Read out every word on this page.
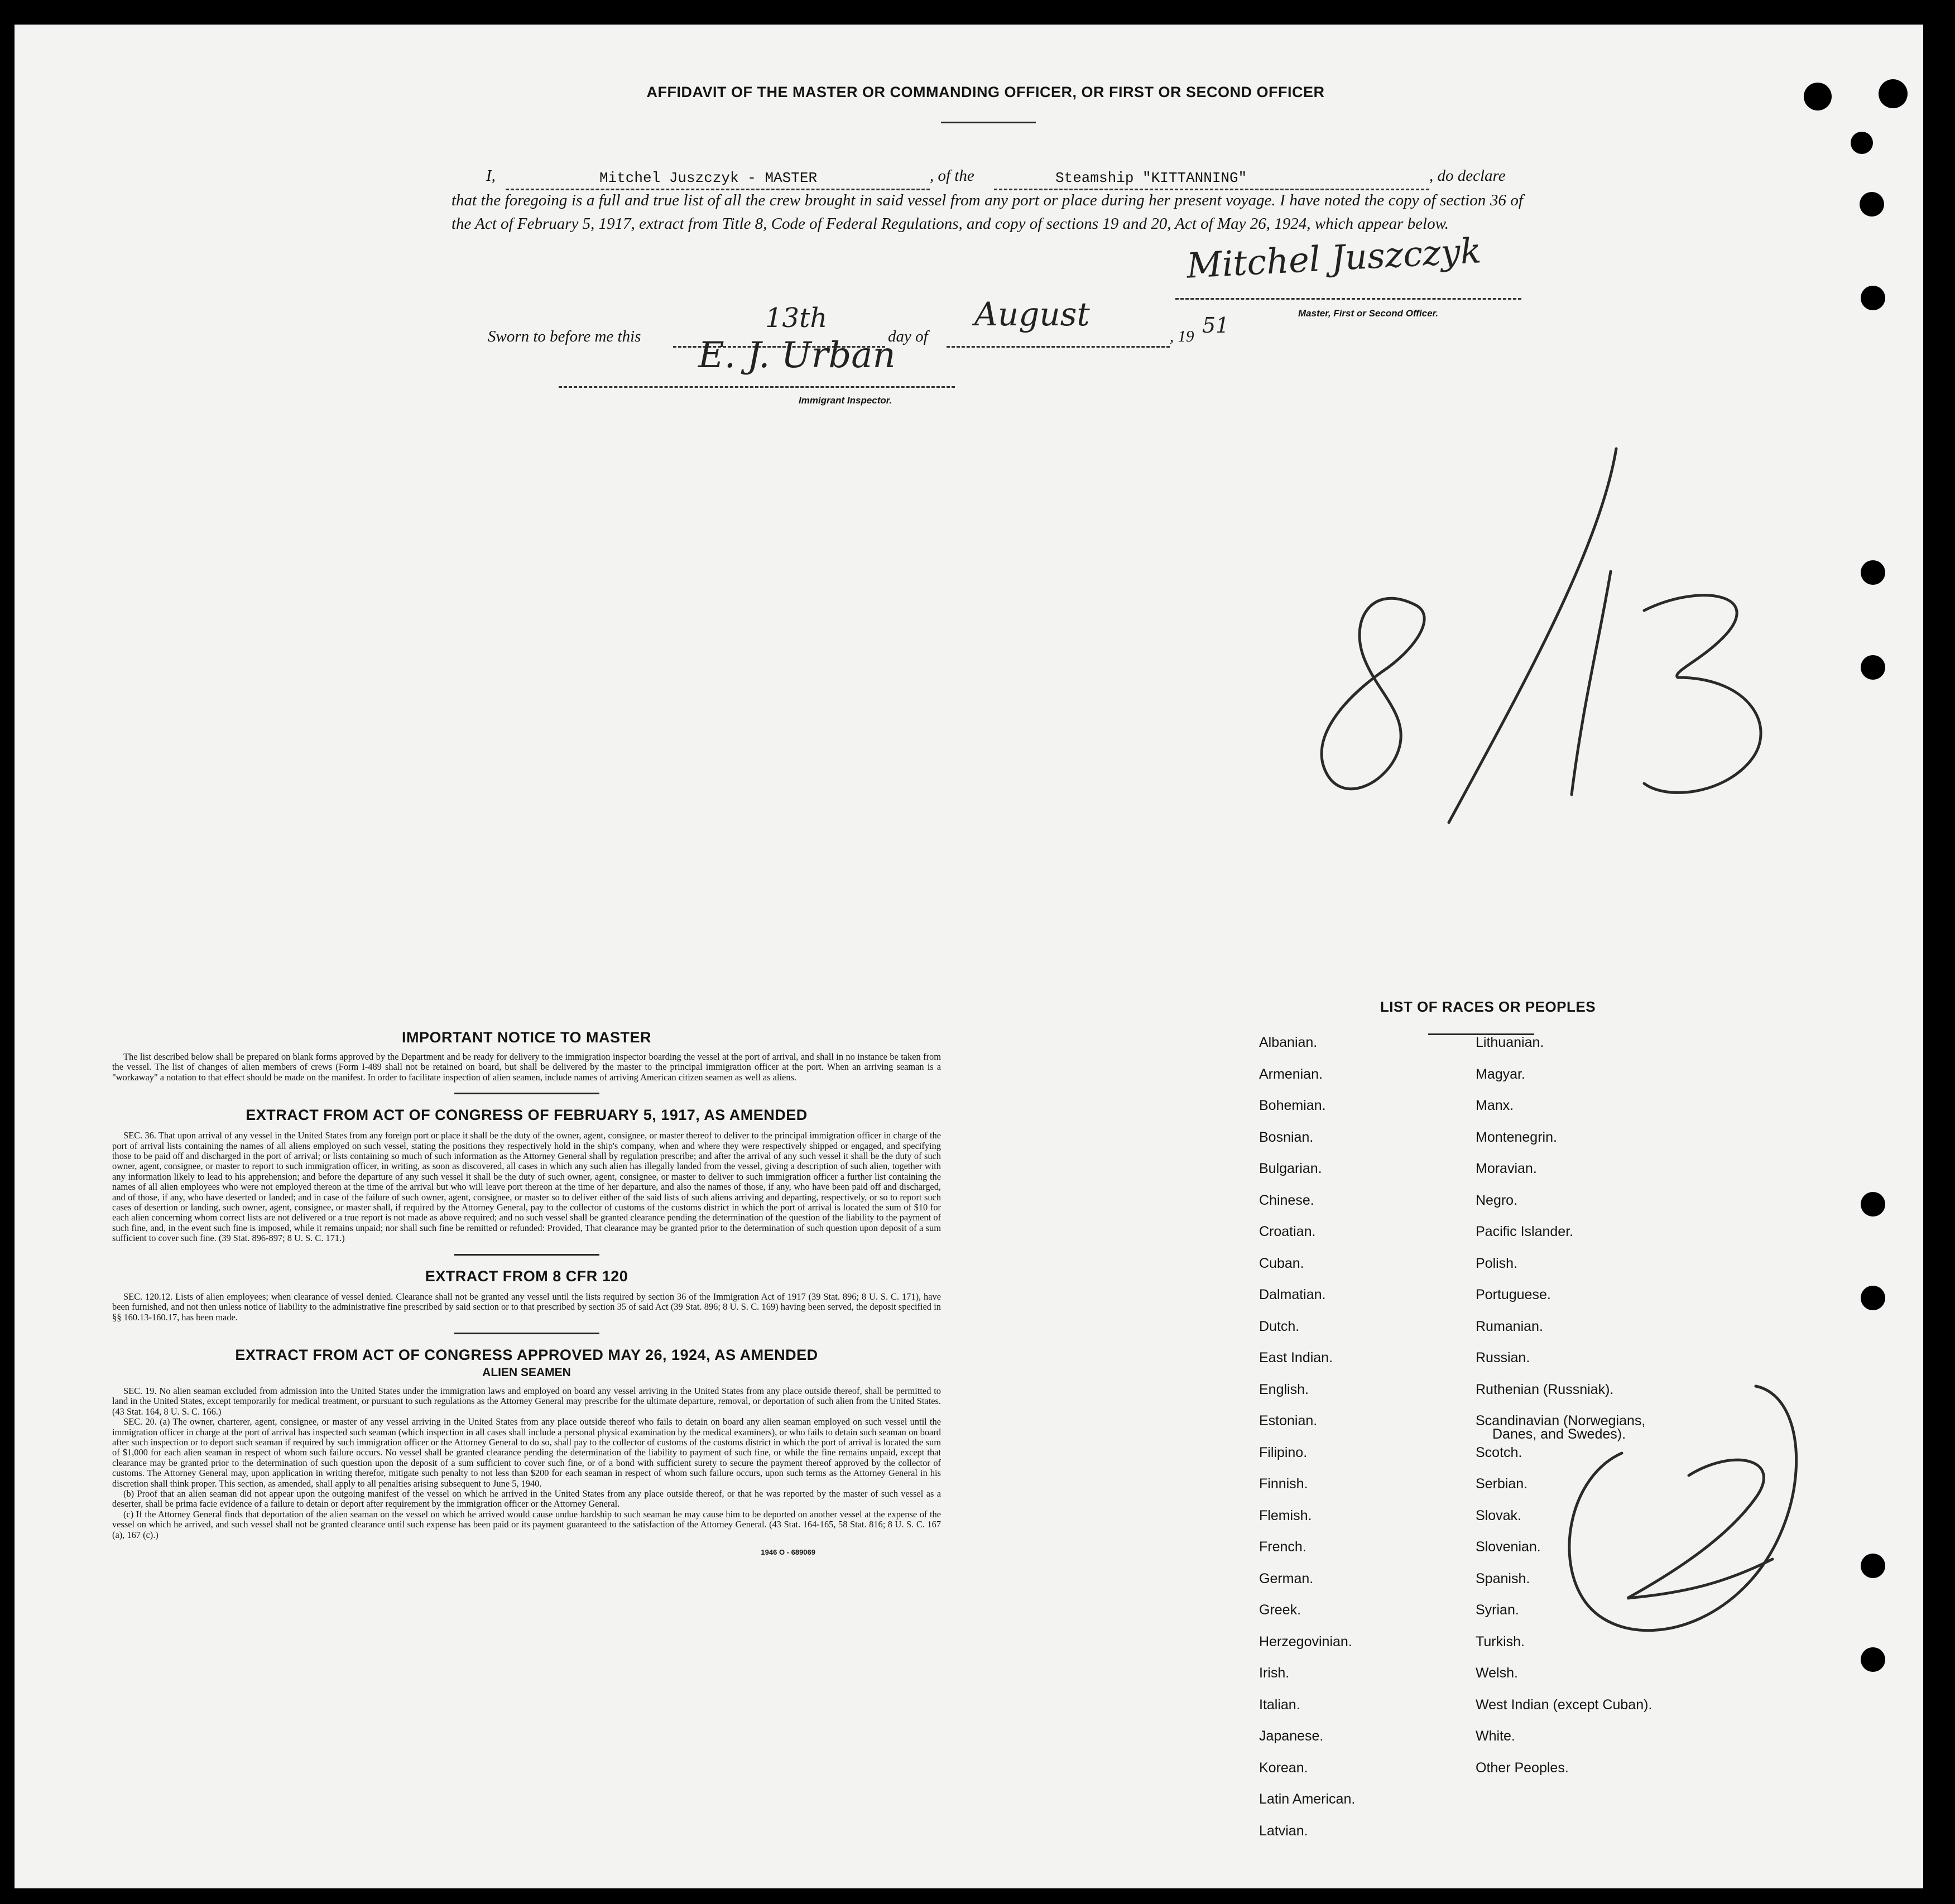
AFFIDAVIT OF THE MASTER OR COMMANDING OFFICER, OR FIRST OR SECOND OFFICER
I,	Mitchel Juszczyk - MASTER	, of the	Steamship "KITTANNING"	, do declare
that the foregoing is a full and true list of all the crew brought in said vessel from any port or place during her present voyage. I have noted the copy of section 36 of the Act of February 5, 1917, extract from Title 8, Code of Federal Regulations, and copy of sections 19 and 20, Act of May 26, 1924, which appear below.
Mitchel Juszczyk
Master, First or Second Officer.
Sworn to before me this
13th
day of
August
, 19 51
E. J. Urban
Immigrant Inspector.
IMPORTANT NOTICE TO MASTER

The list described below shall be prepared on blank forms approved by the Department and be ready for delivery to the immigration inspector boarding the vessel at the port of arrival, and shall in no instance be taken from the vessel. The list of changes of alien members of crews (Form I-489 shall not be retained on board, but shall be delivered by the master to the principal immigration officer at the port. When an arriving seaman is a "workaway" a notation to that effect should be made on the manifest. In order to facilitate inspection of alien seamen, include names of arriving American citizen seamen as well as aliens.

EXTRACT FROM ACT OF CONGRESS OF FEBRUARY 5, 1917, AS AMENDED

SEC. 36. That upon arrival of any vessel in the United States from any foreign port or place it shall be the duty of the owner, agent, consignee, or master thereof to deliver to the principal immigration officer in charge of the port of arrival lists containing the names of all aliens employed on such vessel, stating the positions they respectively hold in the ship's company, when and where they were respectively shipped or engaged, and specifying those to be paid off and discharged in the port of arrival; or lists containing so much of such information as the Attorney General shall by regulation prescribe; and after the arrival of any such vessel it shall be the duty of such owner, agent, consignee, or master to report to such immigration officer, in writing, as soon as discovered, all cases in which any such alien has illegally landed from the vessel, giving a description of such alien, together with any information likely to lead to his apprehension; and before the departure of any such vessel it shall be the duty of such owner, agent, consignee, or master to deliver to such immigration officer a further list containing the names of all alien employees who were not employed thereon at the time of the arrival but who will leave port thereon at the time of her departure, and also the names of those, if any, who have been paid off and discharged, and of those, if any, who have deserted or landed; and in case of the failure of such owner, agent, consignee, or master so to deliver either of the said lists of such aliens arriving and departing, respectively, or so to report such cases of desertion or landing, such owner, agent, consignee, or master shall, if required by the Attorney General, pay to the collector of customs of the customs district in which the port of arrival is located the sum of $10 for each alien concerning whom correct lists are not delivered or a true report is not made as above required; and no such vessel shall be granted clearance pending the determination of the question of the liability to the payment of such fine, and, in the event such fine is imposed, while it remains unpaid; nor shall such fine be remitted or refunded: Provided, That clearance may be granted prior to the determination of such question upon deposit of a sum sufficient to cover such fine. (39 Stat. 896-897; 8 U. S. C. 171.)

EXTRACT FROM 8 CFR 120

SEC. 120.12. Lists of alien employees; when clearance of vessel denied. Clearance shall not be granted any vessel until the lists required by section 36 of the Immigration Act of 1917 (39 Stat. 896; 8 U. S. C. 171), have been furnished, and not then unless notice of liability to the administrative fine prescribed by said section or to that prescribed by section 35 of said Act (39 Stat. 896; 8 U. S. C. 169) having been served, the deposit specified in §§ 160.13-160.17, has been made.

EXTRACT FROM ACT OF CONGRESS APPROVED MAY 26, 1924, AS AMENDED
ALIEN SEAMEN

SEC. 19. No alien seaman excluded from admission into the United States under the immigration laws and employed on board any vessel arriving in the United States from any place outside thereof, shall be permitted to land in the United States, except temporarily for medical treatment, or pursuant to such regulations as the Attorney General may prescribe for the ultimate departure, removal, or deportation of such alien from the United States. (43 Stat. 164, 8 U. S. C. 166.)

SEC. 20. (a) The owner, charterer, agent, consignee, or master of any vessel arriving in the United States from any place outside thereof who fails to detain on board any alien seaman employed on such vessel until the immigration officer in charge at the port of arrival has inspected such seaman (which inspection in all cases shall include a personal physical examination by the medical examiners), or who fails to detain such seaman on board after such inspection or to deport such seaman if required by such immigration officer or the Attorney General to do so, shall pay to the collector of customs of the customs district in which the port of arrival is located the sum of $1,000 for each alien seaman in respect of whom such failure occurs. No vessel shall be granted clearance pending the determination of the liability to payment of such fine, or while the fine remains unpaid, except that clearance may be granted prior to the determination of such question upon the deposit of a sum sufficient to cover such fine, or of a bond with sufficient surety to secure the payment thereof approved by the collector of customs. The Attorney General may, upon application in writing therefor, mitigate such penalty to not less than $200 for each seaman in respect of whom such failure occurs, upon such terms as the Attorney General in his discretion shall think proper. This section, as amended, shall apply to all penalties arising subsequent to June 5, 1940.

(b) Proof that an alien seaman did not appear upon the outgoing manifest of the vessel on which he arrived in the United States from any place outside thereof, or that he was reported by the master of such vessel as a deserter, shall be prima facie evidence of a failure to detain or deport after requirement by the immigration officer or the Attorney General.

(c) If the Attorney General finds that deportation of the alien seaman on the vessel on which he arrived would cause undue hardship to such seaman he may cause him to be deported on another vessel at the expense of the vessel on which he arrived, and such vessel shall not be granted clearance until such expense has been paid or its payment guaranteed to the satisfaction of the Attorney General. (43 Stat. 164-165, 58 Stat. 816; 8 U. S. C. 167 (a), 167 (c).)

1946 O - 689069
LIST OF RACES OR PEOPLES
Albanian.
Armenian.
Bohemian.
Bosnian.
Bulgarian.
Chinese.
Croatian.
Cuban.
Dalmatian.
Dutch.
East Indian.
English.
Estonian.
Filipino.
Finnish.
Flemish.
French.
German.
Greek.
Herzegovinian.
Irish.
Italian.
Japanese.
Korean.
Latin American.
Latvian.
Lithuanian.
Magyar.
Manx.
Montenegrin.
Moravian.
Negro.
Pacific Islander.
Polish.
Portuguese.
Rumanian.
Russian.
Ruthenian (Russniak).
Scandinavian (Norwegians,
Danes, and Swedes).
Scotch.
Serbian.
Slovak.
Slovenian.
Spanish.
Syrian.
Turkish.
Welsh.
West Indian (except Cuban).
White.
Other Peoples.
